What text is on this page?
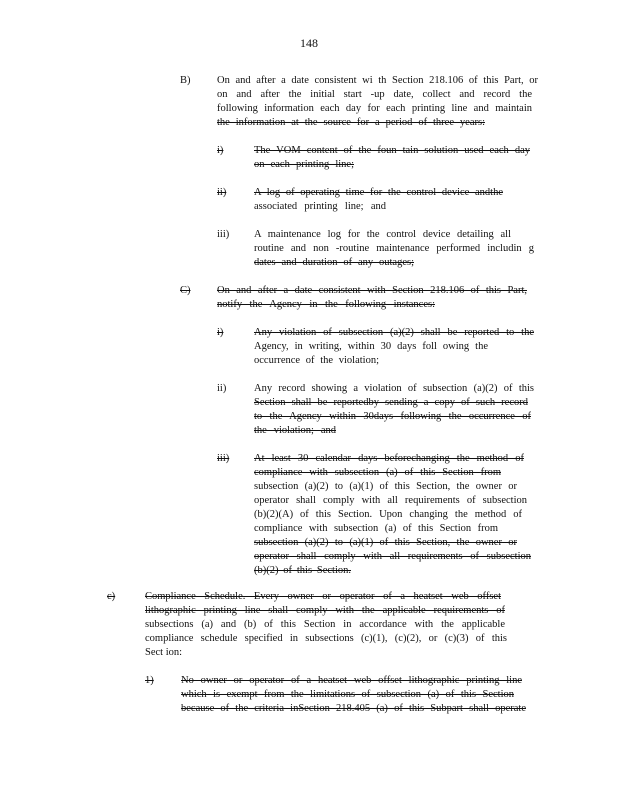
148
B)	On and after a date consistent wi th Section 218.106 of this Part, or
on and after the initial start -up date, collect and record the
following information each day for each printing line and maintain
the information at the source for a period of three years:
i)	The VOM content of the foun tain solution used each day
on each printing line;
ii)	A log of operating time for the control device andthe
associated printing line; and
iii) A maintenance log for the control device detailing all
routine and non -routine maintenance performed includin g
dates and duration of any outages;
C)	On and after a date consistent with Section 218.106 of this Part,
notify the Agency in the following instances:
i)	Any violation of subsection (a)(2) shall be reported to the
Agency, in writing, within 30 days foll owing the
occurrence of the violation;
ii)	Any record showing a violation of subsection (a)(2) of this
Section shall be reportedby sending a copy of such record
to the Agency within 30days following the occurrence of
the violation; and
iii) At least 30 calendar days beforechanging the method of
compliance with subsection (a) of this Section from
subsection (a)(2) to (a)(1) of this Section, the owner or
operator shall comply with all requirements of subsection
(b)(2)(A) of this Section. Upon changing the method of
compliance with subsection (a) of this Section from
subsection (a)(2) to (a)(1) of this Section, the owner or
operator shall comply with all requirements of subsection
(b)(2) of this Section.
c)	Compliance Schedule. Every owner or operator of a heatset web offset
lithographic printing line shall comply with the applicable requirements of
subsections (a) and (b) of this Section in accordance with the applicable
compliance schedule specified in subsections (c)(1), (c)(2), or (c)(3) of this
Sect ion:
1)	No owner or operator of a heatset web offset lithographic printing line
which is exempt from the limitations of subsection (a) of this Section
because of the criteria inSection 218.405 (a) of this Subpart shall operate
